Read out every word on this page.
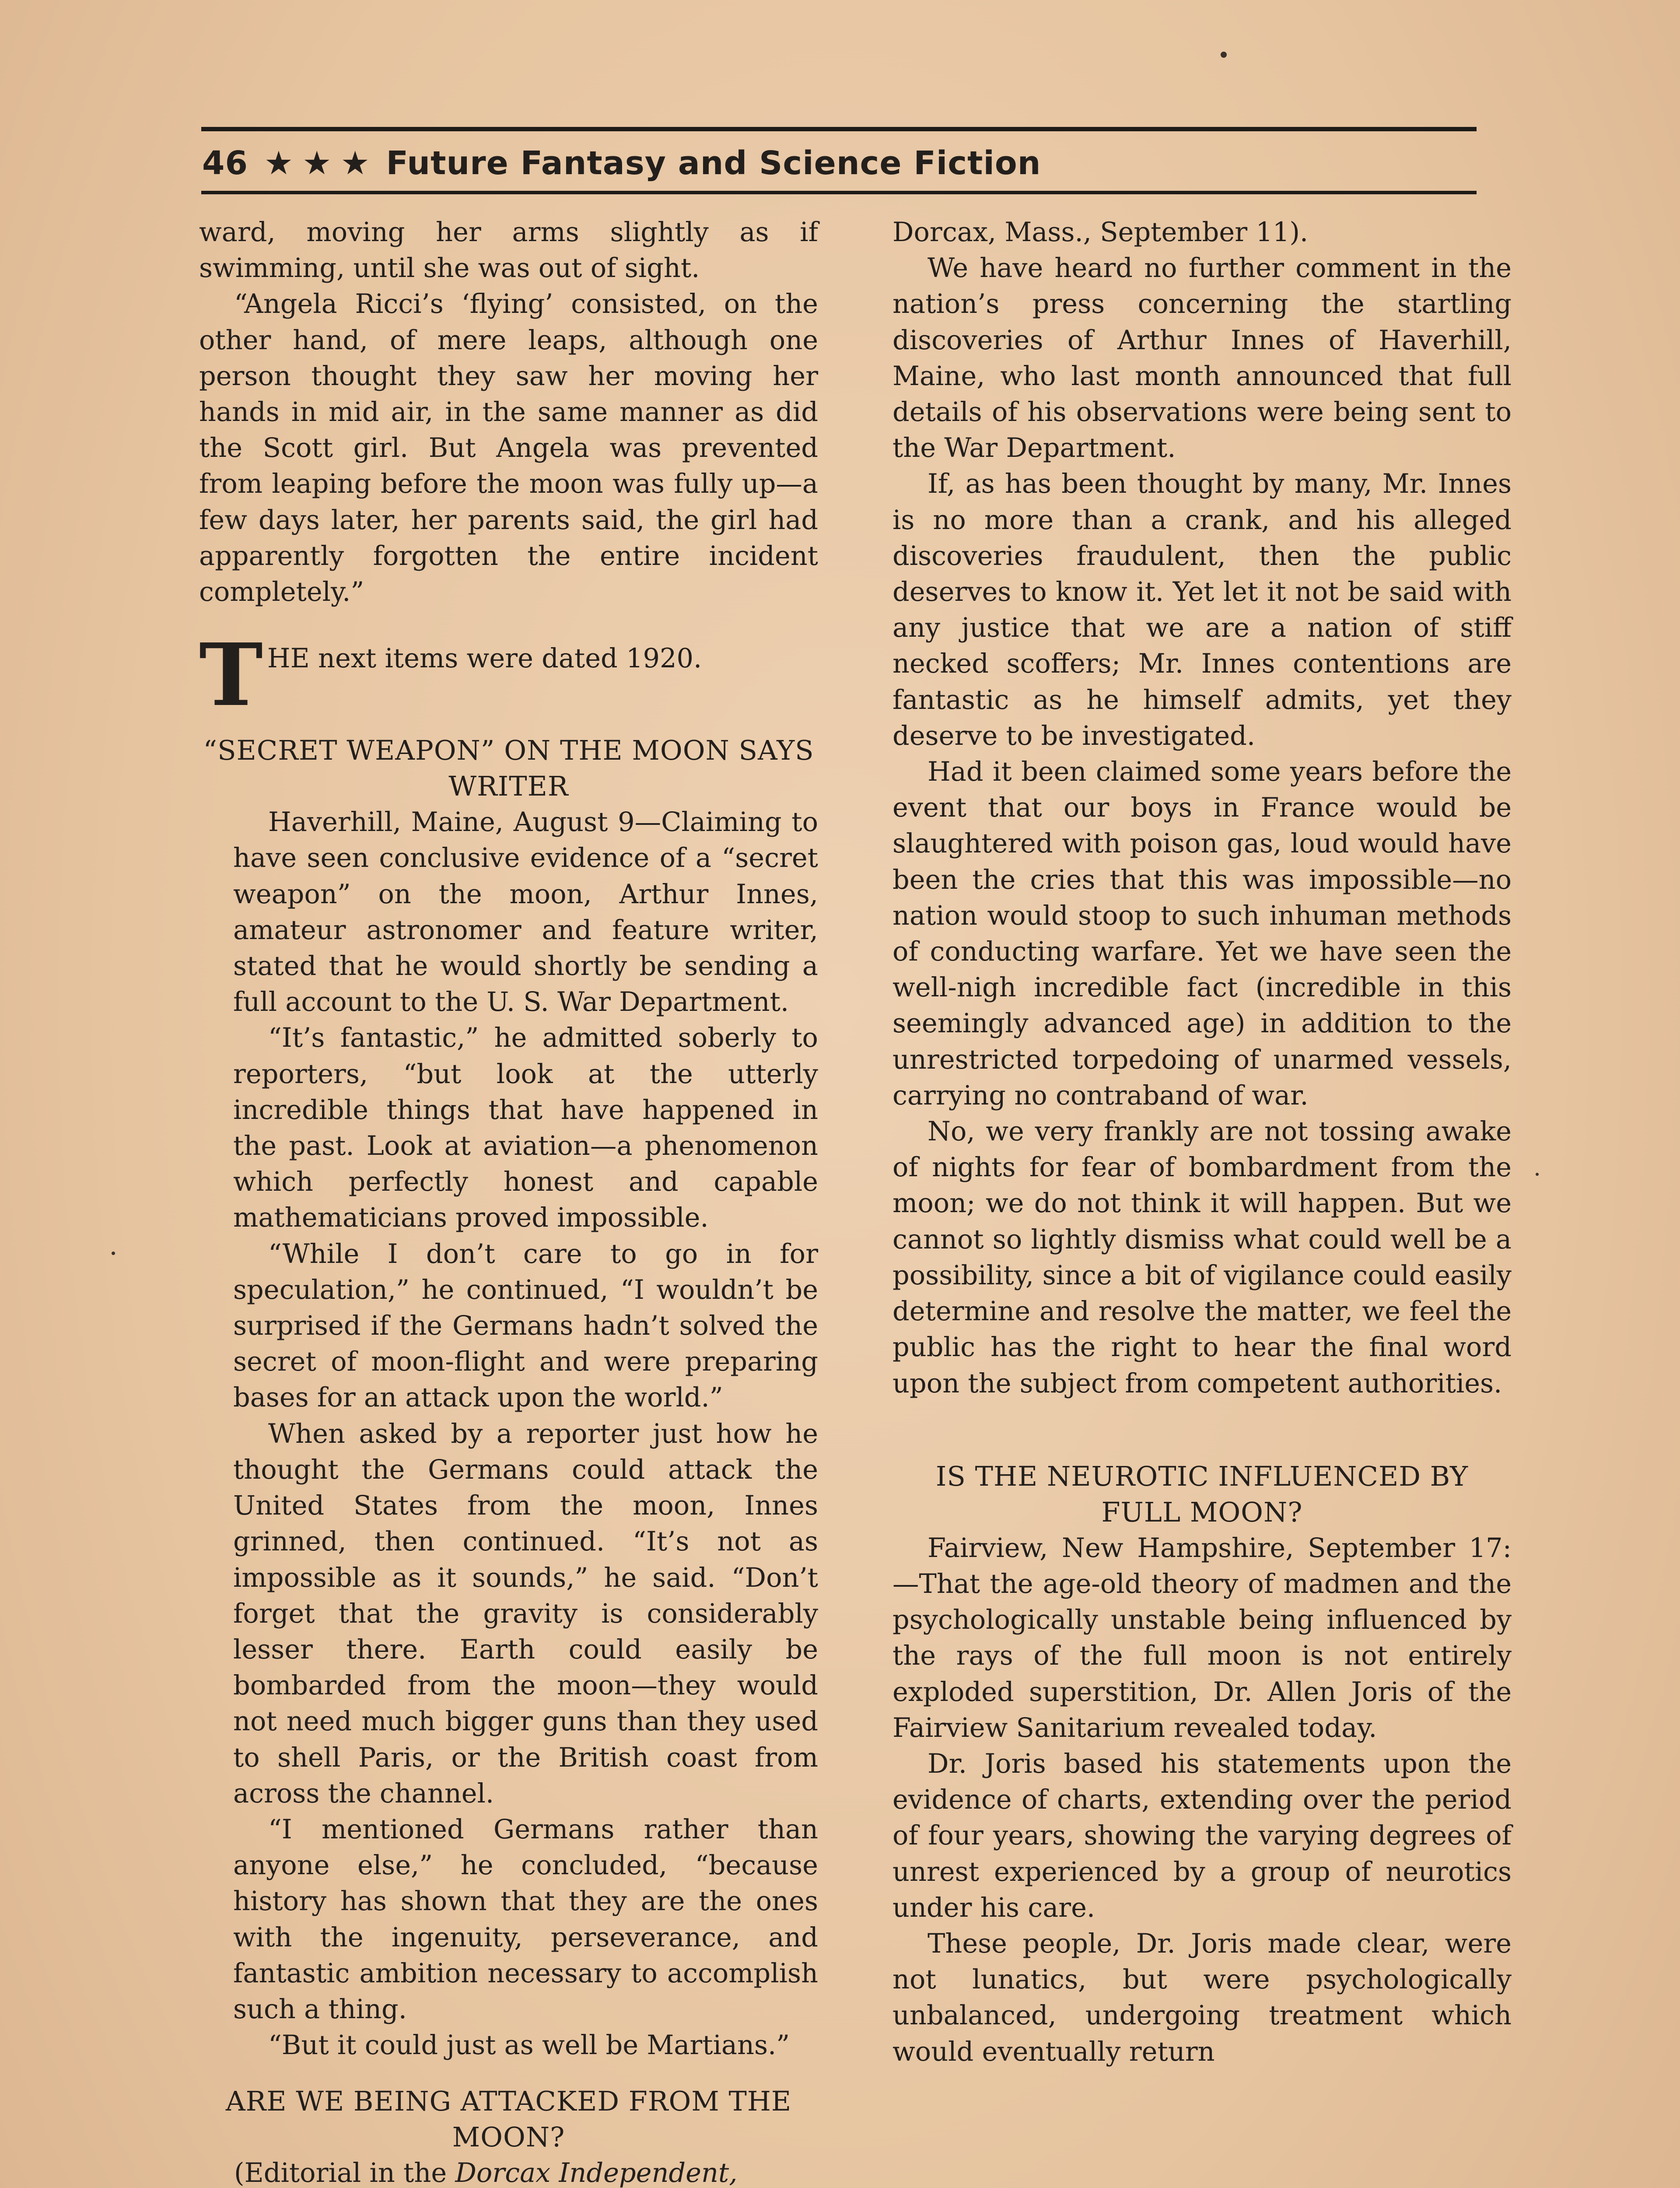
46 ★ ★ ★ Future Fantasy and Science Fiction

ward, moving her arms slightly as if swimming, until she was out of sight.

“Angela Ricci’s ‘flying’ consisted, on the other hand, of mere leaps, although one person thought they saw her moving her hands in mid air, in the same manner as did the Scott girl. But Angela was prevented from leaping before the moon was fully up—a few days later, her parents said, the girl had apparently forgotten the entire incident completely.”

T HE next items were dated 1920.
“SECRET WEAPON” ON THE MOON SAYS WRITER

Haverhill, Maine, August 9—Claiming to have seen conclusive evidence of a “secret weapon” on the moon, Arthur Innes, amateur astronomer and feature writer, stated that he would shortly be sending a full account to the U. S. War Department.

“It’s fantastic,” he admitted soberly to reporters, “but look at the utterly incredible things that have happened in the past. Look at aviation—a phenomenon which perfectly honest and capable mathematicians proved impossible.

“While I don’t care to go in for speculation,” he continued, “I wouldn’t be surprised if the Germans hadn’t solved the secret of moon-flight and were preparing bases for an attack upon the world.”

When asked by a reporter just how he thought the Germans could attack the United States from the moon, Innes grinned, then continued. “It’s not as impossible as it sounds,” he said. “Don’t forget that the gravity is considerably lesser there. Earth could easily be bombarded from the moon—they would not need much bigger guns than they used to shell Paris, or the British coast from across the channel.

“I mentioned Germans rather than anyone else,” he concluded, “because history has shown that they are the ones with the ingenuity, perseverance, and fantastic ambition necessary to accomplish such a thing.

“But it could just as well be Martians.”

ARE WE BEING ATTACKED FROM THE MOON?

(Editorial in the Dorcax Independent,

Dorcax, Mass., September 11).

We have heard no further comment in the nation’s press concerning the startling discoveries of Arthur Innes of Haverhill, Maine, who last month announced that full details of his observations were being sent to the War Department.

If, as has been thought by many, Mr. Innes is no more than a crank, and his alleged discoveries fraudulent, then the public deserves to know it. Yet let it not be said with any justice that we are a nation of stiff necked scoffers; Mr. Innes contentions are fantastic as he himself admits, yet they deserve to be investigated.

Had it been claimed some years before the event that our boys in France would be slaughtered with poison gas, loud would have been the cries that this was impossible—no nation would stoop to such inhuman methods of conducting warfare. Yet we have seen the well-nigh incredible fact (incredible in this seemingly advanced age) in addition to the unrestricted torpedoing of unarmed vessels, carrying no contraband of war.

No, we very frankly are not tossing awake of nights for fear of bombardment from the moon; we do not think it will happen. But we cannot so lightly dismiss what could well be a possibility, since a bit of vigilance could easily determine and resolve the matter, we feel the public has the right to hear the final word upon the subject from competent authorities.

IS THE NEUROTIC INFLUENCED BY FULL MOON?

Fairview, New Hampshire, September 17:—That the age-old theory of madmen and the psychologically unstable being influenced by the rays of the full moon is not entirely exploded superstition, Dr. Allen Joris of the Fairview Sanitarium revealed today.

Dr. Joris based his statements upon the evidence of charts, extending over the period of four years, showing the varying degrees of unrest experienced by a group of neurotics under his care.

These people, Dr. Joris made clear, were not lunatics, but were psychologically unbalanced, undergoing treatment which would eventually return
